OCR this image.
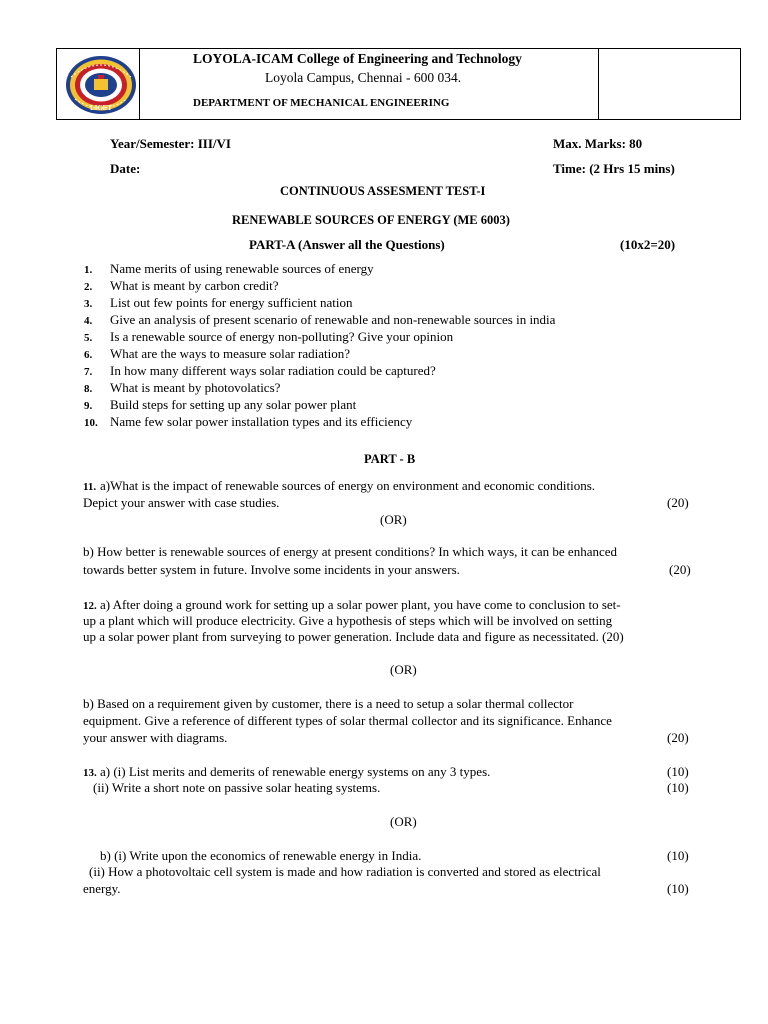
LICET
LOYOLA-ICAM College of Engineering and Technology
Loyola Campus, Chennai - 600 034.
DEPARTMENT OF MECHANICAL ENGINEERING
Year/Semester: III/VI	Max. Marks: 80
Date:	Time: (2 Hrs 15 mins)
CONTINUOUS ASSESMENT TEST-I
RENEWABLE SOURCES OF ENERGY (ME 6003)
PART-A (Answer all the Questions)	(10x2=20)
1. Name merits of using renewable sources of energy
2. What is meant by carbon credit?
3. List out few points for energy sufficient nation
4. Give an analysis of present scenario of renewable and non-renewable sources in india
5. Is a renewable source of energy non-polluting? Give your opinion
6. What are the ways to measure solar radiation?
7. In how many different ways solar radiation could be captured?
8. What is meant by photovolatics?
9. Build steps for setting up any solar power plant
10. Name few solar power installation types and its efficiency
PART - B
11. a)What is the impact of renewable sources of energy on environment and economic conditions.
Depict your answer with case studies.	(20)
(OR)
b) How better is renewable sources of energy at present conditions? In which ways, it can be enhanced
towards better system in future. Involve some incidents in your answers.	(20)
12. a) After doing a ground work for setting up a solar power plant, you have come to conclusion to set-
up a plant which will produce electricity. Give a hypothesis of steps which will be involved on setting
up a solar power plant from surveying to power generation. Include data and figure as necessitated. (20)
(OR)
b) Based on a requirement given by customer, there is a need to setup a solar thermal collector
equipment. Give a reference of different types of solar thermal collector and its significance. Enhance
your answer with diagrams.	(20)
13. a) (i) List merits and demerits of renewable energy systems on any 3 types.	(10)
(ii) Write a short note on passive solar heating systems.	(10)
(OR)
b) (i) Write upon the economics of renewable energy in India.	(10)
(ii) How a photovoltaic cell system is made and how radiation is converted and stored as electrical
energy.	(10)
